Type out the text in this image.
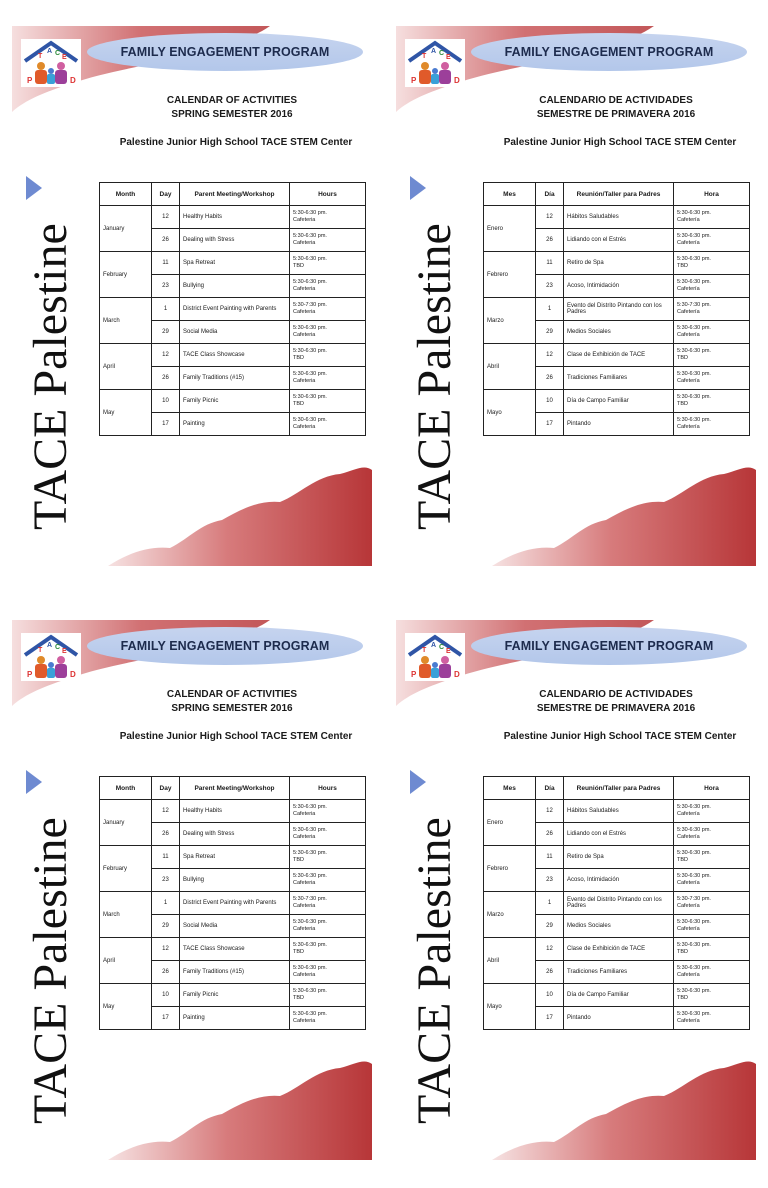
T
A C
E
P	D
FAMILY ENGAGEMENT PROGRAM
CALENDAR OF ACTIVITIES
SPRING SEMESTER 2016
Palestine Junior High School TACE STEM Center
TACE Palestine
Month	Day	Parent Meeting/Workshop	Hours
January	12	Healthy Habits	5:30-6:30 pm.
Cafeteria

	26	Dealing with Stress	5:30-6:30 pm.
Cafeteria

February	11	Spa Retreat	5:30-6:30 pm.
TBD

	23	Bullying	5:30-6:30 pm.
Cafeteria

March	1	District Event Painting with Parents	5:30-7:30 pm.
Cafeteria

	29	Social Media	5:30-6:30 pm.
Cafeteria

April	12	TACE Class Showcase	5:30-6:30 pm.
TBD

	26	Family Traditions (#15)	5:30-6:30 pm.
Cafeteria

May	10	Family Picnic	5:30-6:30 pm.
TBD

	17	Painting	5:30-6:30 pm.
Cafeteria
T
A C
E
P	D
FAMILY ENGAGEMENT PROGRAM
CALENDARIO DE ACTIVIDADES
SEMESTRE DE PRIMAVERA 2016
Palestine Junior High School TACE STEM Center
TACE Palestine
Mes	Día	Reunión/Taller para Padres	Hora
Enero	12	Hábitos Saludables	5:30-6:30 pm.
Cafetería

	26	Lidiando con el Estrés	5:30-6:30 pm.
Cafetería

Febrero	11	Retiro de Spa	5:30-6:30 pm.
TBD

	23	Acoso, Intimidación	5:30-6:30 pm.
Cafetería

Marzo	1	Evento del Distrito Pintando con los Padres	5:30-7:30 pm.
Cafetería

	29	Medios Sociales	5:30-6:30 pm.
Cafetería

Abril	12	Clase de Exhibición de TACE	5:30-6:30 pm.
TBD

	26	Tradiciones Familiares	5:30-6:30 pm.
Cafetería

Mayo	10	Día de Campo Familiar	5:30-6:30 pm.
TBD

	17	Pintando	5:30-6:30 pm.
Cafetería
T
A C
E
P	D
FAMILY ENGAGEMENT PROGRAM
CALENDAR OF ACTIVITIES
SPRING SEMESTER 2016
Palestine Junior High School TACE STEM Center
TACE Palestine
Month	Day	Parent Meeting/Workshop	Hours
January	12	Healthy Habits	5:30-6:30 pm.
Cafeteria

	26	Dealing with Stress	5:30-6:30 pm.
Cafeteria

February	11	Spa Retreat	5:30-6:30 pm.
TBD

	23	Bullying	5:30-6:30 pm.
Cafeteria

March	1	District Event Painting with Parents	5:30-7:30 pm.
Cafeteria

	29	Social Media	5:30-6:30 pm.
Cafeteria

April	12	TACE Class Showcase	5:30-6:30 pm.
TBD

	26	Family Traditions (#15)	5:30-6:30 pm.
Cafeteria

May	10	Family Picnic	5:30-6:30 pm.
TBD

	17	Painting	5:30-6:30 pm.
Cafeteria
T
A C
E
P	D
FAMILY ENGAGEMENT PROGRAM
CALENDARIO DE ACTIVIDADES
SEMESTRE DE PRIMAVERA 2016
Palestine Junior High School TACE STEM Center
TACE Palestine
Mes	Día	Reunión/Taller para Padres	Hora
Enero	12	Hábitos Saludables	5:30-6:30 pm.
Cafetería

	26	Lidiando con el Estrés	5:30-6:30 pm.
Cafetería

Febrero	11	Retiro de Spa	5:30-6:30 pm.
TBD

	23	Acoso, Intimidación	5:30-6:30 pm.
Cafetería

Marzo	1	Evento del Distrito Pintando con los Padres	5:30-7:30 pm.
Cafetería

	29	Medios Sociales	5:30-6:30 pm.
Cafetería

Abril	12	Clase de Exhibición de TACE	5:30-6:30 pm.
TBD

	26	Tradiciones Familiares	5:30-6:30 pm.
Cafetería

Mayo	10	Día de Campo Familiar	5:30-6:30 pm.
TBD

	17	Pintando	5:30-6:30 pm.
Cafetería
